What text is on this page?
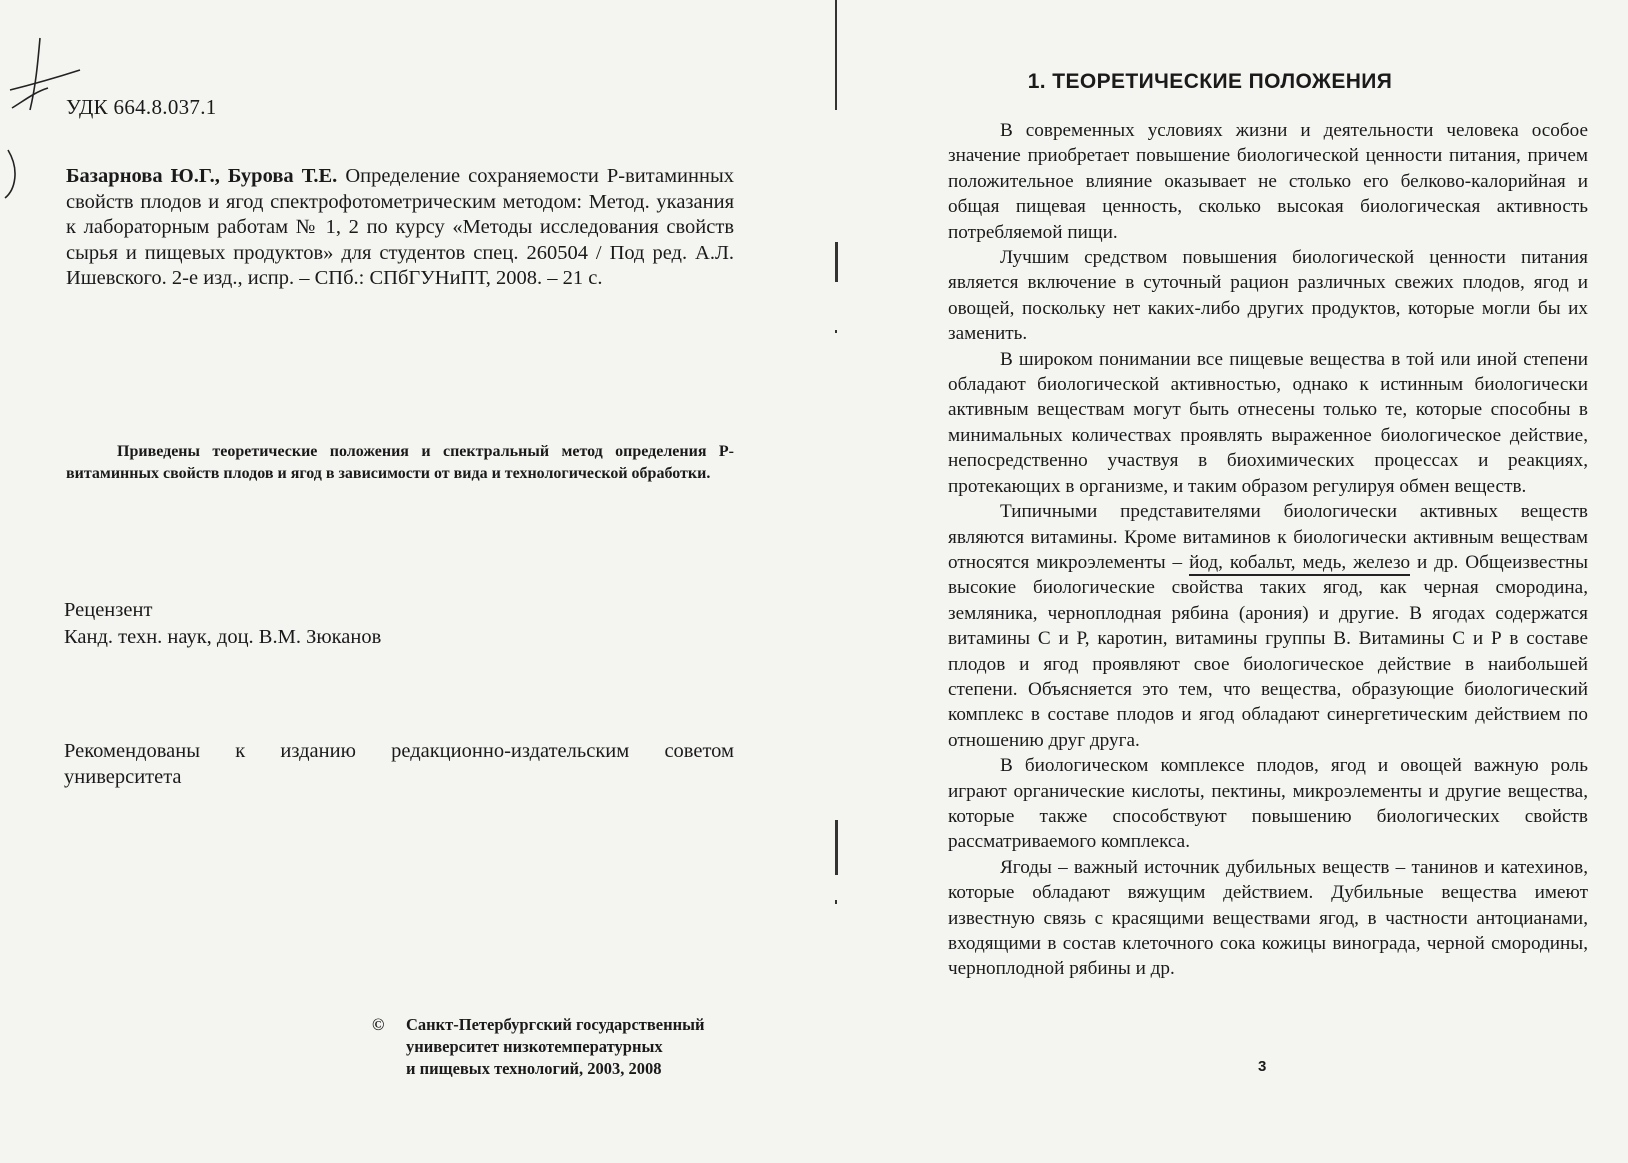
УДК 664.8.037.1
Базарнова Ю.Г., Бурова Т.Е. Определение сохраняемости Р-витаминных свойств плодов и ягод спектрофотометрическим методом: Метод. указания к лабораторным работам № 1, 2 по курсу «Методы исследования свойств сырья и пищевых продуктов» для студентов спец. 260504 / Под ред. А.Л. Ишевского. 2-е изд., испр. – СПб.: СПбГУНиПТ, 2008. – 21 с.
Приведены теоретические положения и спектральный метод определения Р-витаминных свойств плодов и ягод в зависимости от вида и технологической обработки.
Рецензент
Канд. техн. наук, доц. В.М. Зюканов
Рекомендованы к изданию редакционно-издательским советом университета
© Санкт-Петербургский государственный
университет низкотемпературных
и пищевых технологий, 2003, 2008
1. ТЕОРЕТИЧЕСКИЕ ПОЛОЖЕНИЯ

В современных условиях жизни и деятельности человека особое значение приобретает повышение биологической ценности питания, причем положительное влияние оказывает не столько его белково-калорийная и общая пищевая ценность, сколько высокая биологическая активность потребляемой пищи.

Лучшим средством повышения биологической ценности питания является включение в суточный рацион различных свежих плодов, ягод и овощей, поскольку нет каких-либо других продуктов, которые могли бы их заменить.

В широком понимании все пищевые вещества в той или иной степени обладают биологической активностью, однако к истинным биологически активным веществам могут быть отнесены только те, которые способны в минимальных количествах проявлять выраженное биологическое действие, непосредственно участвуя в биохимических процессах и реакциях, протекающих в организме, и таким образом регулируя обмен веществ.

Типичными представителями биологически активных веществ являются витамины. Кроме витаминов к биологически активным веществам относятся микроэлементы – йод, кобальт, медь, железо и др. Общеизвестны высокие биологические свойства таких ягод, как черная смородина, земляника, черноплодная рябина (арония) и другие. В ягодах содержатся витамины С и Р, каротин, витамины группы В. Витамины С и Р в составе плодов и ягод проявляют свое биологическое действие в наибольшей степени. Объясняется это тем, что вещества, образующие биологический комплекс в составе плодов и ягод обладают синергетическим действием по отношению друг друга.

В биологическом комплексе плодов, ягод и овощей важную роль играют органические кислоты, пектины, микроэлементы и другие вещества, которые также способствуют повышению биологических свойств рассматриваемого комплекса.

Ягоды – важный источник дубильных веществ – танинов и катехинов, которые обладают вяжущим действием. Дубильные вещества имеют известную связь с красящими веществами ягод, в частности антоцианами, входящими в состав клеточного сока кожицы винограда, черной смородины, черноплодной рябины и др.

3
